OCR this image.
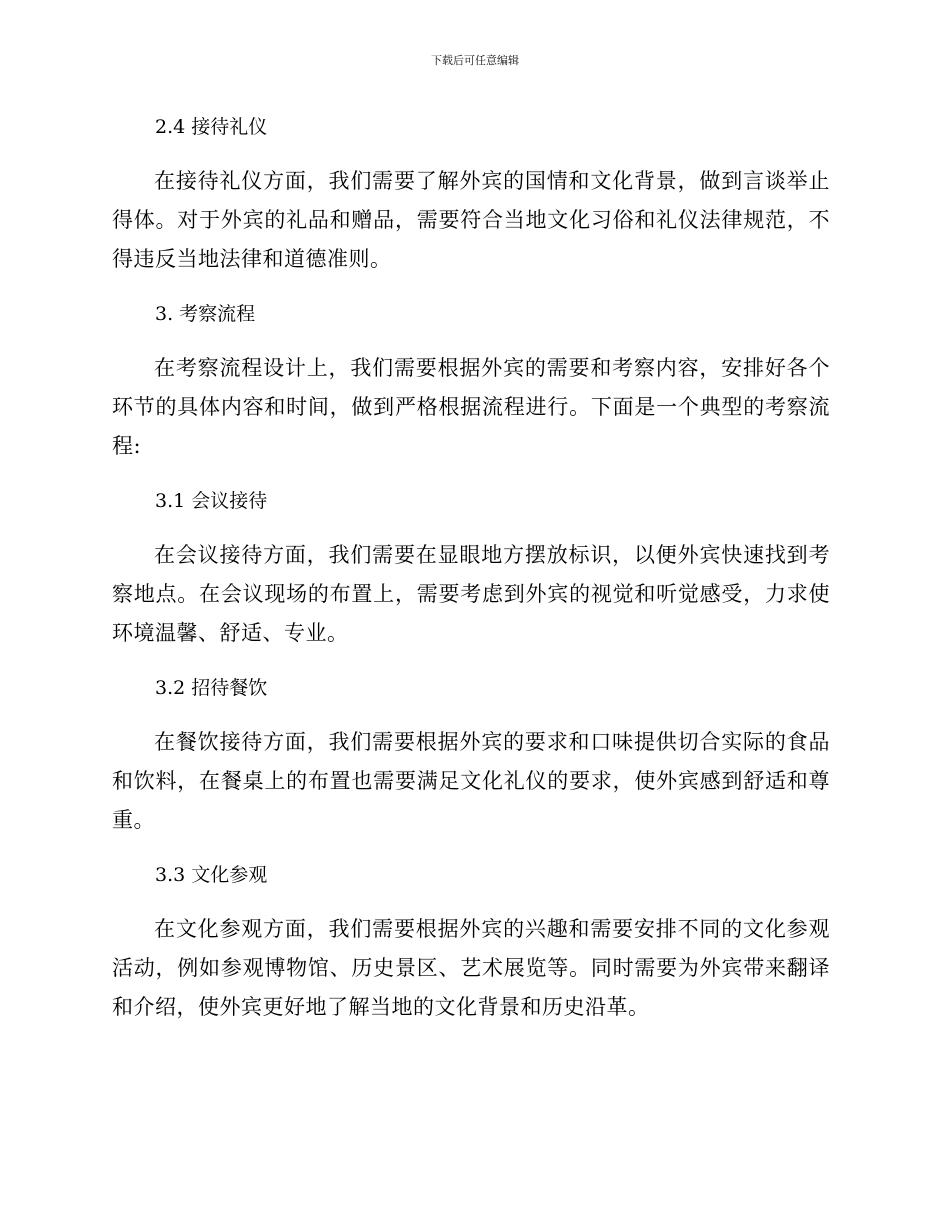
下载后可任意编辑
2.4 接待礼仪

在接待礼仪方面，我们需要了解外宾的国情和文化背景，做到言谈举止得体。对于外宾的礼品和赠品，需要符合当地文化习俗和礼仪法律规范，不得违反当地法律和道德准则。

3. 考察流程

在考察流程设计上，我们需要根据外宾的需要和考察内容，安排好各个环节的具体内容和时间，做到严格根据流程进行。下面是一个典型的考察流程:

3.1 会议接待

在会议接待方面，我们需要在显眼地方摆放标识，以便外宾快速找到考察地点。在会议现场的布置上，需要考虑到外宾的视觉和听觉感受，力求使环境温馨、舒适、专业。

3.2 招待餐饮

在餐饮接待方面，我们需要根据外宾的要求和口味提供切合实际的食品和饮料，在餐桌上的布置也需要满足文化礼仪的要求，使外宾感到舒适和尊重。

3.3 文化参观

在文化参观方面，我们需要根据外宾的兴趣和需要安排不同的文化参观活动，例如参观博物馆、历史景区、艺术展览等。同时需要为外宾带来翻译和介绍，使外宾更好地了解当地的文化背景和历史沿革。
